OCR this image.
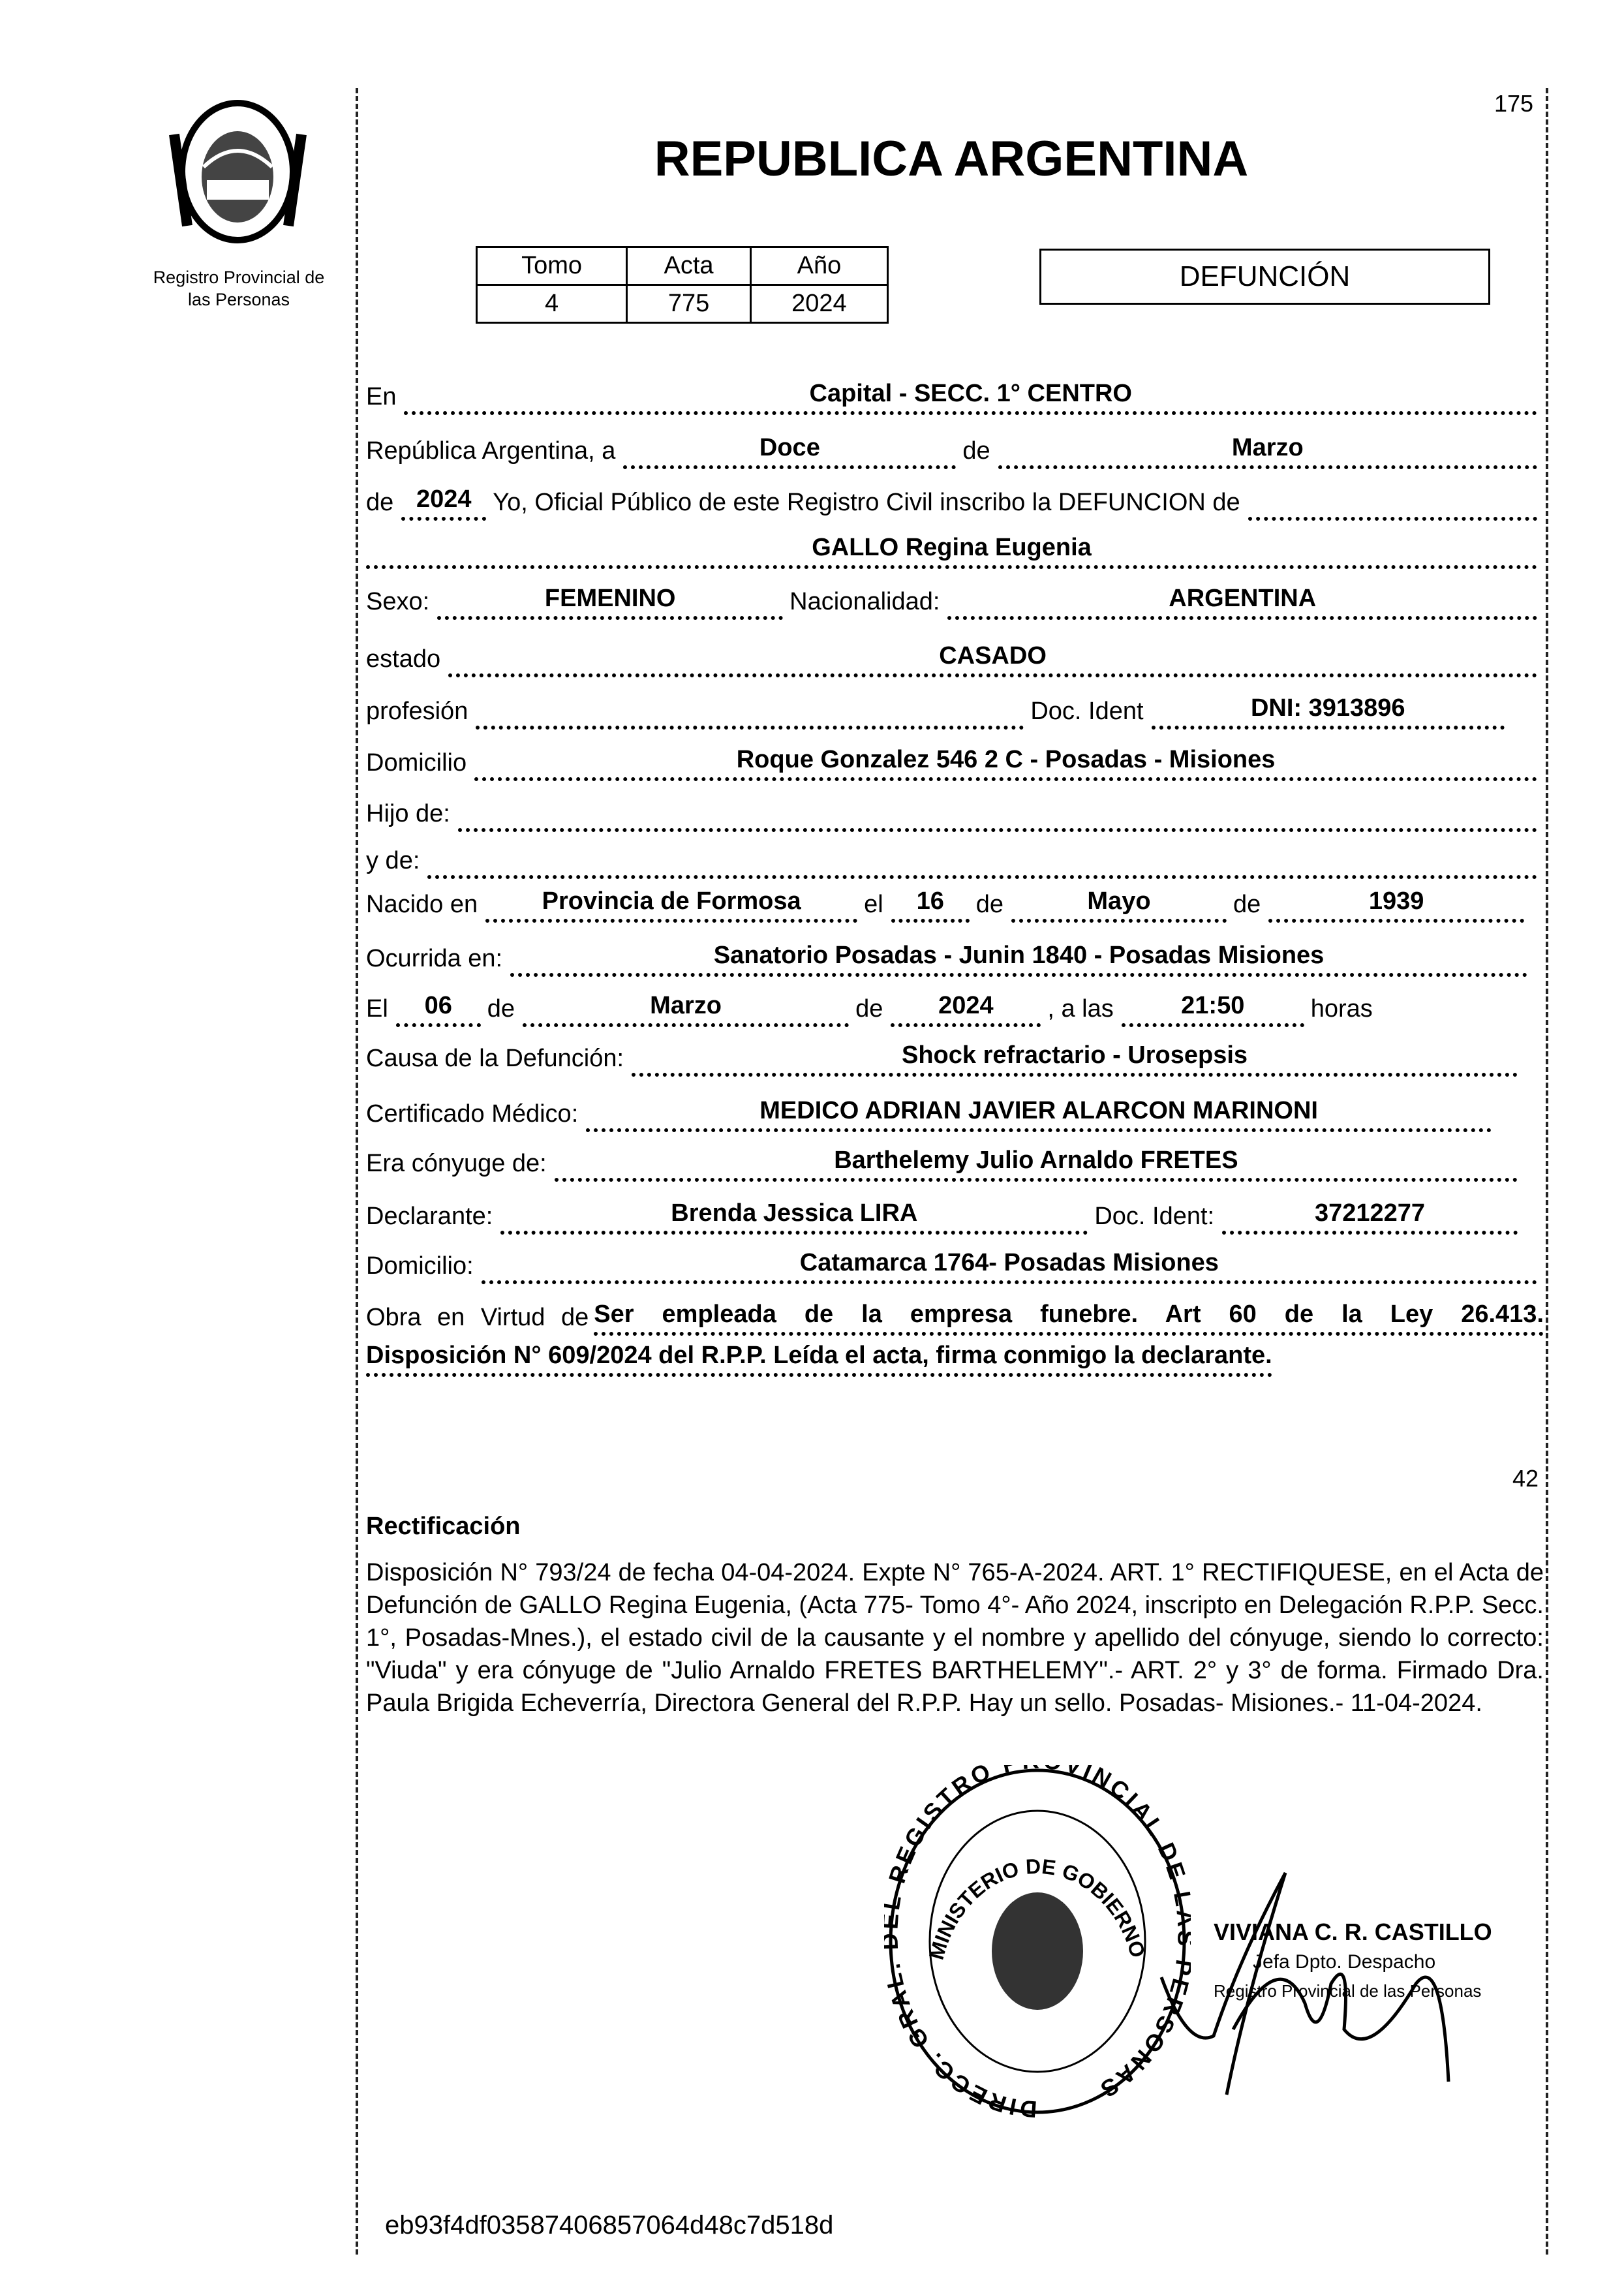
175
Registro Provincial de las Personas
REPUBLICA ARGENTINA
Tomo	Acta	Año
4	775	2024
DEFUNCIÓN
En	Capital - SECC. 1° CENTRO
República Argentina, a	Doce	de	Marzo
de 2024 Yo, Oficial Público de este Registro Civil inscribo la DEFUNCION de
GALLO Regina Eugenia
Sexo:	FEMENINO	Nacionalidad:	ARGENTINA
estado	CASADO
profesión	Doc. Ident	DNI: 3913896
Domicilio	Roque Gonzalez 546 2 C - Posadas - Misiones
Hijo de:
y de:
Nacido en	Provincia de Formosa	el	16	de	Mayo	de	1939
Ocurrida en:	Sanatorio Posadas - Junin 1840 - Posadas Misiones
El	06	de	Marzo	de	2024	, a las	21:50	horas
Causa de la Defunción:	Shock refractario - Urosepsis
Certificado Médico:	MEDICO ADRIAN JAVIER ALARCON MARINONI
Era cónyuge de:	Barthelemy Julio Arnaldo FRETES
Declarante:	Brenda Jessica LIRA	Doc. Ident:	37212277
Domicilio:	Catamarca 1764- Posadas Misiones
Obra en Virtud de Ser empleada de la empresa funebre. Art 60 de la Ley 26.413.
Disposición N° 609/2024 del R.P.P. Leída el acta, firma conmigo la declarante.
42
Rectificación
Disposición N° 793/24 de fecha 04-04-2024. Expte N° 765-A-2024. ART. 1° RECTIFIQUESE, en el Acta de Defunción de GALLO Regina Eugenia, (Acta 775- Tomo 4°- Año 2024, inscripto en Delegación R.P.P. Secc. 1°, Posadas-Mnes.), el estado civil de la causante y el nombre y apellido del cónyuge, siendo lo correcto: "Viuda" y era cónyuge de "Julio Arnaldo FRETES BARTHELEMY".- ART. 2° y 3° de forma. Firmado Dra. Paula Brigida Echeverría, Directora General del R.P.P. Hay un sello. Posadas- Misiones.- 11-04-2024.
DIRECC. GRA REGISTRO VINCIAL DE RSONAS
MINISTERIO DE GOBIERNO
VIVIANA C. R. CASTILLO
Jefa Dpto. Despacho
Registro Provincial de las Personas
eb93f4df03587406857064d48c7d518d
